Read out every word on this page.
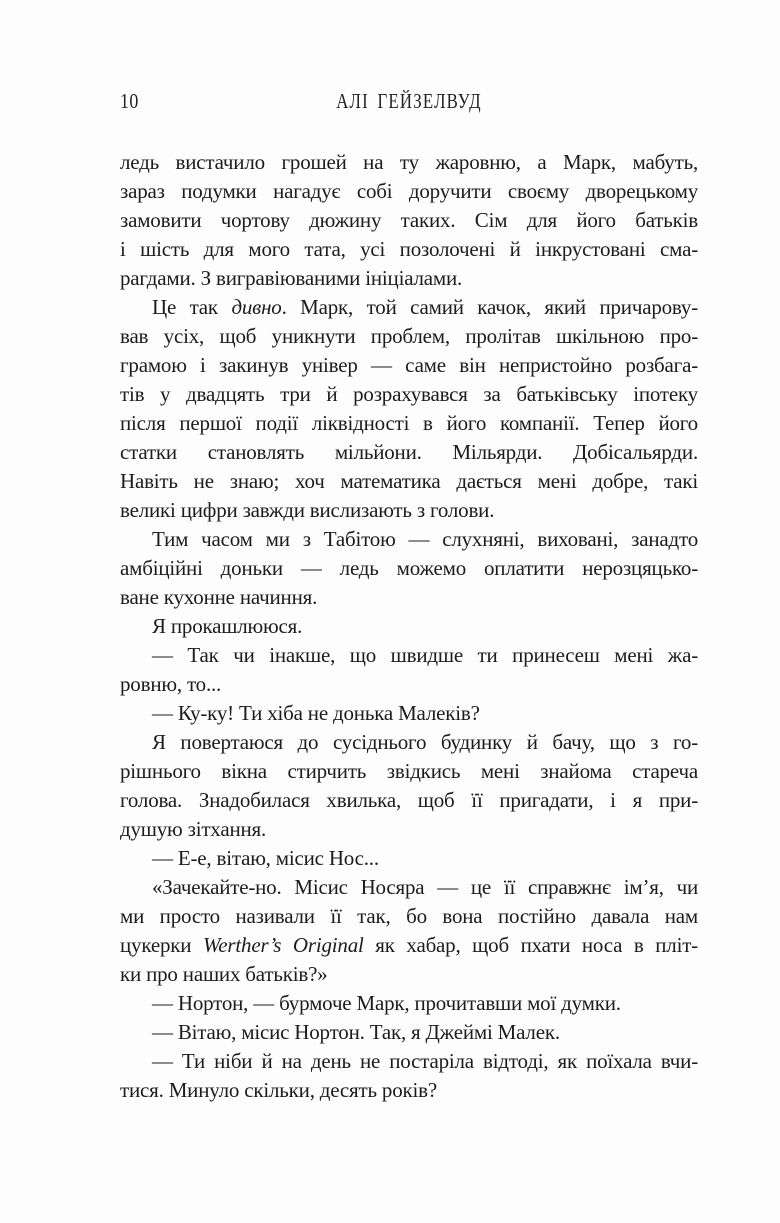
10	АЛІ ГЕЙЗЕЛВУД
ледь вистачило грошей на ту жаровню, а Марк, мабуть,
зараз подумки нагадує собі доручити своєму дворецькому
замовити чортову дюжину таких. Сім для його батьків
і шість для мого тата, усі позолочені й інкрустовані сма-
рагдами. З вигравіюваними ініціалами.
Це так дивно. Марк, той самий качок, який причарову-
вав усіх, щоб уникнути проблем, пролітав шкільною про-
грамою і закинув універ — саме він непристойно розбага-
тів у двадцять три й розрахувався за батьківську іпотеку
після першої події ліквідності в його компанії. Тепер його
статки становлять мільйони. Мільярди. Добісальярди.
Навіть не знаю; хоч математика дається мені добре, такі
великі цифри завжди вислизають з голови.
Тим часом ми з Табітою — слухняні, виховані, занадто
амбіційні доньки — ледь можемо оплатити нерозцяцько-
ване кухонне начиння.
Я прокашлююся.
— Так чи інакше, що швидше ти принесеш мені жа-
ровню, то...
— Ку-ку! Ти хіба не донька Малеків?
Я повертаюся до сусіднього будинку й бачу, що з го-
рішнього вікна стирчить звідкись мені знайома стареча
голова. Знадобилася хвилька, щоб її пригадати, і я при-
душую зітхання.
— Е-е, вітаю, місис Нос...
«Зачекайте-но. Місис Носяра — це її справжнє ім’я, чи
ми просто називали її так, бо вона постійно давала нам
цукерки Werther’s Original як хабар, щоб пхати носа в пліт-
ки про наших батьків?»
— Нортон, — бурмоче Марк, прочитавши мої думки.
— Вітаю, місис Нортон. Так, я Джеймі Малек.
— Ти ніби й на день не постаріла відтоді, як поїхала вчи-
тися. Минуло скільки, десять років?
